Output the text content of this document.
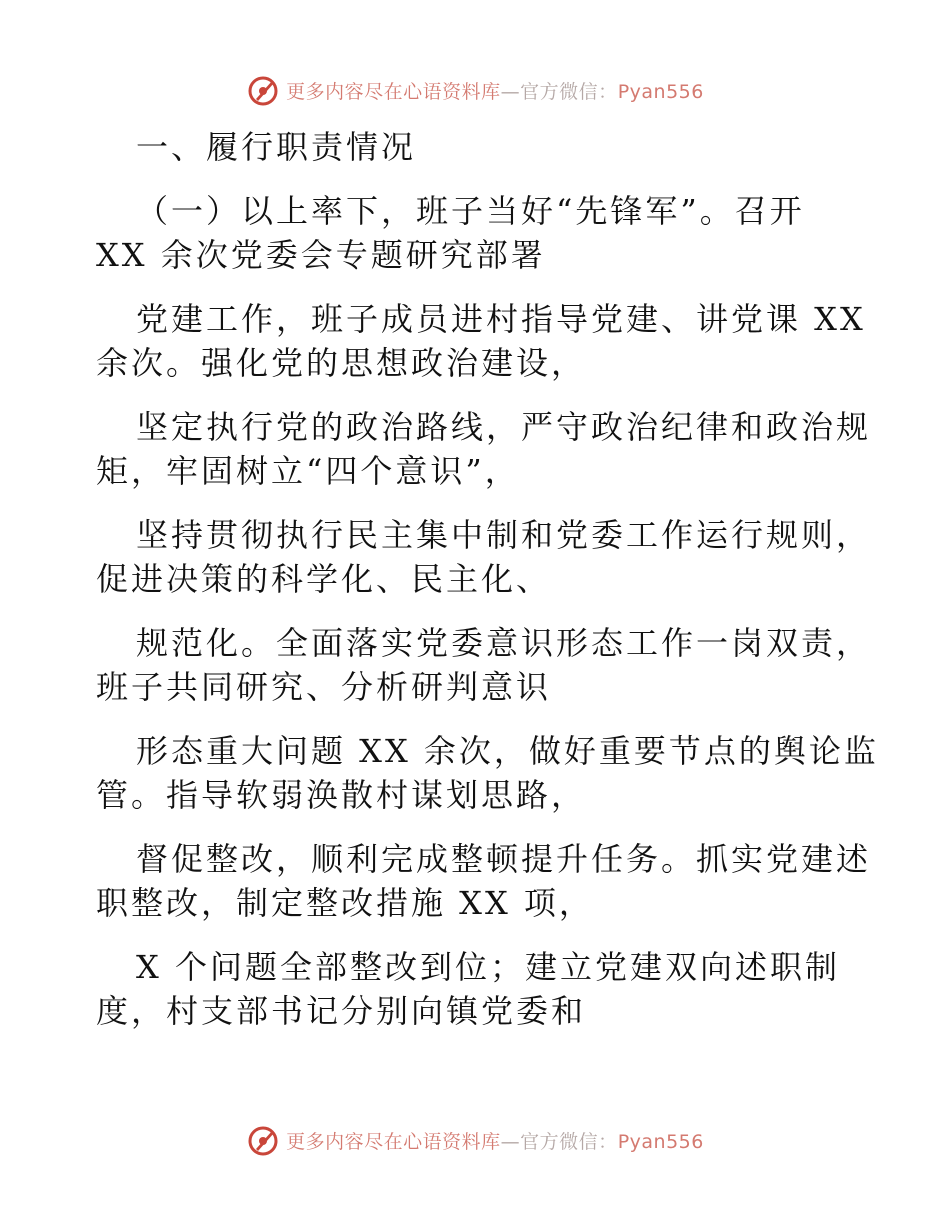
更多内容尽在心语资料库—官方微信：Pyan556

一、履行职责情况

（一）以上率下，班子当好“先锋军”。召开

XX 余次党委会专题研究部署

党建工作，班子成员进村指导党建、讲党课 XX

余次。强化党的思想政治建设，

坚定执行党的政治路线，严守政治纪律和政治规

矩，牢固树立“四个意识”，

坚持贯彻执行民主集中制和党委工作运行规则，

促进决策的科学化、民主化、

规范化。全面落实党委意识形态工作一岗双责，

班子共同研究、分析研判意识

形态重大问题 XX 余次，做好重要节点的舆论监

管。指导软弱涣散村谋划思路，

督促整改，顺利完成整顿提升任务。抓实党建述

职整改，制定整改措施 XX 项，

X 个问题全部整改到位；建立党建双向述职制

度，村支部书记分别向镇党委和

更多内容尽在心语资料库—官方微信：Pyan556
